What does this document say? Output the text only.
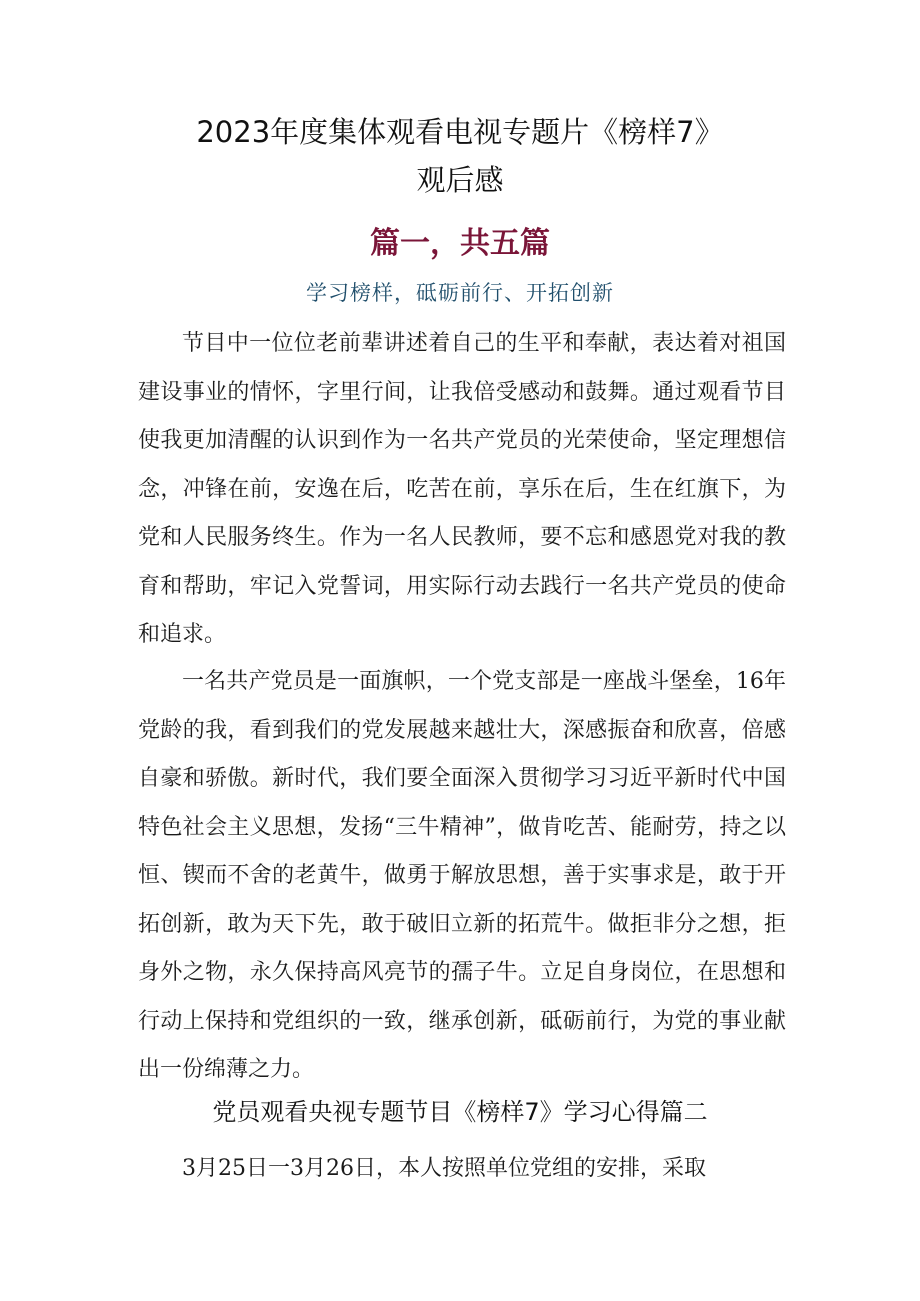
2023年度集体观看电视专题片《榜样7》
观后感
篇一，共五篇
学习榜样，砥砺前行、开拓创新

节目中一位位老前辈讲述着自己的生平和奉献，表达着对祖国建设事业的情怀，字里行间，让我倍受感动和鼓舞。通过观看节目使我更加清醒的认识到作为一名共产党员的光荣使命，坚定理想信念，冲锋在前，安逸在后，吃苦在前，享乐在后，生在红旗下，为党和人民服务终生。作为一名人民教师，要不忘和感恩党对我的教育和帮助，牢记入党誓词，用实际行动去践行一名共产党员的使命和追求。

一名共产党员是一面旗帜，一个党支部是一座战斗堡垒，16年党龄的我，看到我们的党发展越来越壮大，深感振奋和欣喜，倍感自豪和骄傲。新时代，我们要全面深入贯彻学习习近平新时代中国特色社会主义思想，发扬“三牛精神”，做肯吃苦、能耐劳，持之以恒、锲而不舍的老黄牛，做勇于解放思想，善于实事求是，敢于开拓创新，敢为天下先，敢于破旧立新的拓荒牛。做拒非分之想，拒身外之物，永久保持高风亮节的孺子牛。立足自身岗位，在思想和行动上保持和党组织的一致，继承创新，砥砺前行，为党的事业献出一份绵薄之力。

党员观看央视专题节目《榜样7》学习心得篇二

3月25日一3月26日，本人按照单位党组的安排，采取
